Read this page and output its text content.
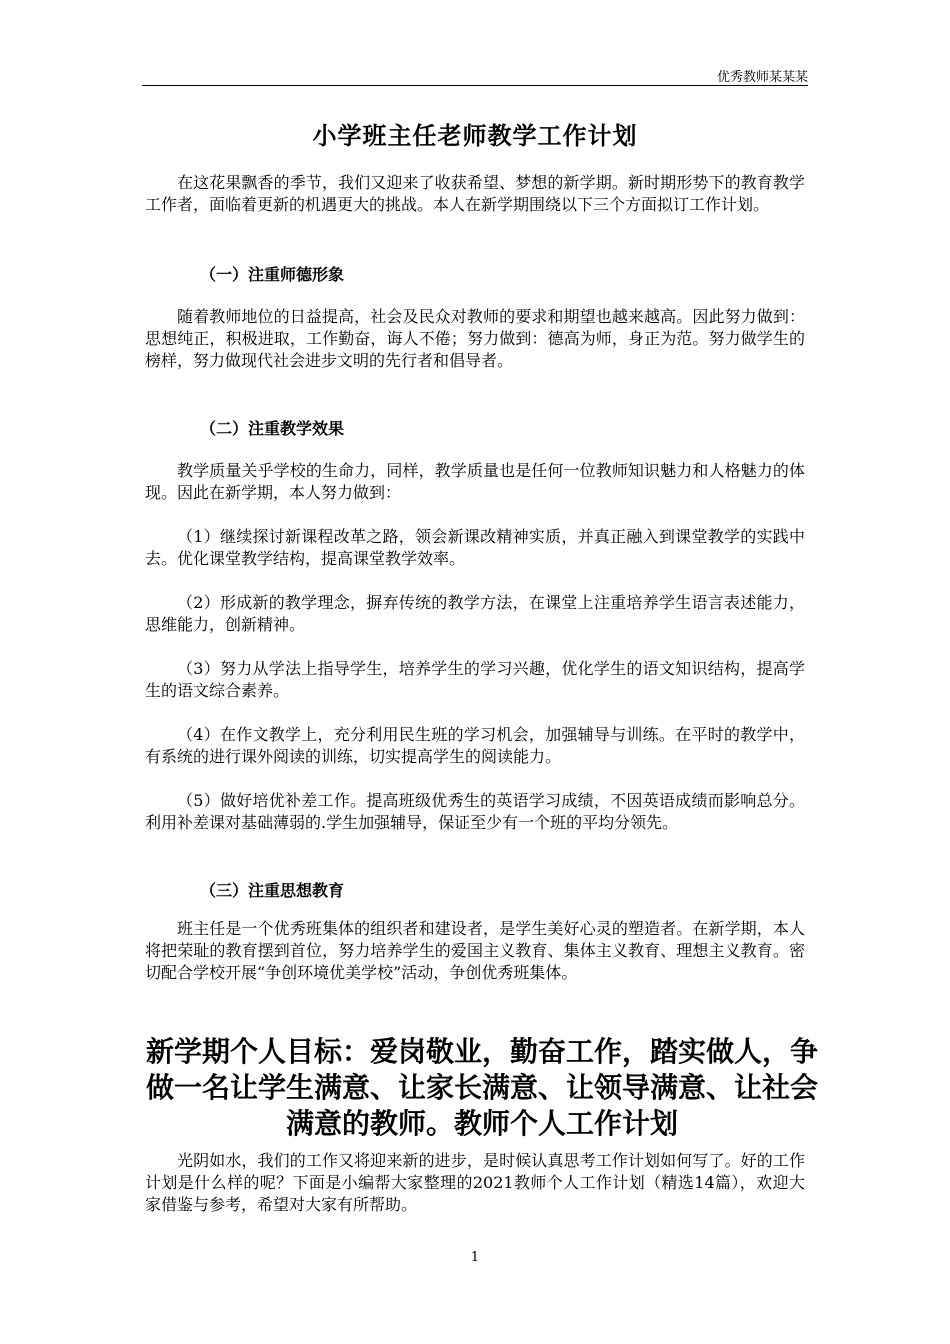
优秀教师某某某
小学班主任老师教学工作计划

在这花果飘香的季节，我们又迎来了收获希望、梦想的新学期。新时期形势下的教育教学工作者，面临着更新的机遇更大的挑战。本人在新学期围绕以下三个方面拟订工作计划。

（一）注重师德形象

随着教师地位的日益提高，社会及民众对教师的要求和期望也越来越高。因此努力做到：思想纯正，积极进取，工作勤奋，诲人不倦；努力做到：德高为师，身正为范。努力做学生的榜样，努力做现代社会进步文明的先行者和倡导者。

（二）注重教学效果

教学质量关乎学校的生命力，同样，教学质量也是任何一位教师知识魅力和人格魅力的体现。因此在新学期，本人努力做到：

（1）继续探讨新课程改革之路，领会新课改精神实质，并真正融入到课堂教学的实践中去。优化课堂教学结构，提高课堂教学效率。

（2）形成新的教学理念，摒弃传统的教学方法，在课堂上注重培养学生语言表述能力，思维能力，创新精神。

（3）努力从学法上指导学生，培养学生的学习兴趣，优化学生的语文知识结构，提高学生的语文综合素养。

（4）在作文教学上，充分利用民生班的学习机会，加强辅导与训练。在平时的教学中，有系统的进行课外阅读的训练，切实提高学生的阅读能力。

（5）做好培优补差工作。提高班级优秀生的英语学习成绩，不因英语成绩而影响总分。利用补差课对基础薄弱的.学生加强辅导，保证至少有一个班的平均分领先。

（三）注重思想教育

班主任是一个优秀班集体的组织者和建设者，是学生美好心灵的塑造者。在新学期，本人将把荣耻的教育摆到首位，努力培养学生的爱国主义教育、集体主义教育、理想主义教育。密切配合学校开展“争创环境优美学校”活动，争创优秀班集体。

新学期个人目标：爱岗敬业，勤奋工作，踏实做人，争做一名让学生满意、让家长满意、让领导满意、让社会满意的教师。教师个人工作计划

光阴如水，我们的工作又将迎来新的进步，是时候认真思考工作计划如何写了。好的工作计划是什么样的呢？下面是小编帮大家整理的2021教师个人工作计划（精选14篇），欢迎大家借鉴与参考，希望对大家有所帮助。

1
